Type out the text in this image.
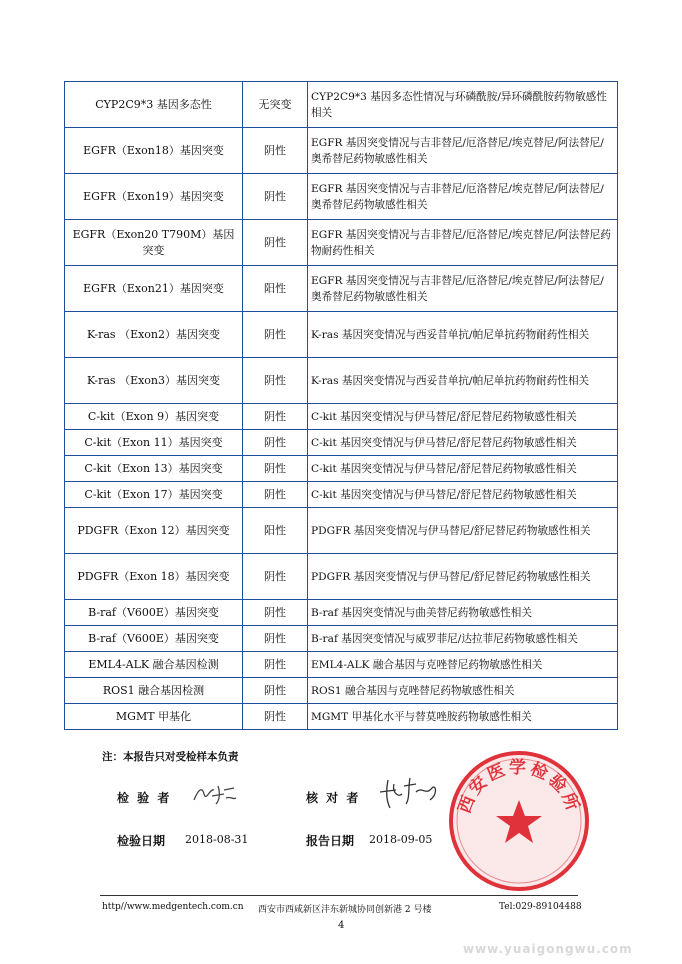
CYP2C9*3 基因多态性	无突变	CYP2C9*3 基因多态性情况与环磷酰胺/异环磷酰胺药物敏感性相关
EGFR（Exon18）基因突变	阴性	EGFR 基因突变情况与吉非替尼/厄洛替尼/埃克替尼/阿法替尼/奥希替尼药物敏感性相关
EGFR（Exon19）基因突变	阴性	EGFR 基因突变情况与吉非替尼/厄洛替尼/埃克替尼/阿法替尼/奥希替尼药物敏感性相关
EGFR（Exon20 T790M）基因突变	阴性	EGFR 基因突变情况与吉非替尼/厄洛替尼/埃克替尼/阿法替尼药物耐药性相关
EGFR（Exon21）基因突变	阳性	EGFR 基因突变情况与吉非替尼/厄洛替尼/埃克替尼/阿法替尼/奥希替尼药物敏感性相关
K-ras （Exon2）基因突变	阴性	K-ras 基因突变情况与西妥昔单抗/帕尼单抗药物耐药性相关
K-ras （Exon3）基因突变	阴性	K-ras 基因突变情况与西妥昔单抗/帕尼单抗药物耐药性相关
C-kit（Exon 9）基因突变	阴性	C-kit 基因突变情况与伊马替尼/舒尼替尼药物敏感性相关
C-kit（Exon 11）基因突变	阴性	C-kit 基因突变情况与伊马替尼/舒尼替尼药物敏感性相关
C-kit（Exon 13）基因突变	阴性	C-kit 基因突变情况与伊马替尼/舒尼替尼药物敏感性相关
C-kit（Exon 17）基因突变	阴性	C-kit 基因突变情况与伊马替尼/舒尼替尼药物敏感性相关
PDGFR（Exon 12）基因突变	阳性	PDGFR 基因突变情况与伊马替尼/舒尼替尼药物敏感性相关
PDGFR（Exon 18）基因突变	阴性	PDGFR 基因突变情况与伊马替尼/舒尼替尼药物敏感性相关
B-raf（V600E）基因突变	阴性	B-raf 基因突变情况与曲美替尼药物敏感性相关
B-raf（V600E）基因突变	阴性	B-raf 基因突变情况与威罗菲尼/达拉菲尼药物敏感性相关
EML4-ALK 融合基因检测	阴性	EML4-ALK 融合基因与克唑替尼药物敏感性相关
ROS1 融合基因检测	阴性	ROS1 融合基因与克唑替尼药物敏感性相关
MGMT 甲基化	阴性	MGMT 甲基化水平与替莫唑胺药物敏感性相关
注：本报告只对受检样本负责
检 验 者	核 对 者
检验日期 2018-08-31	报告日期 2018-09-05
西安医学检验所
http//www.medgentech.com.cn 西安市西咸新区沣东新城协同创新港 2 号楼	Tel:029-89104488
4
www.yuaigongwu.com
